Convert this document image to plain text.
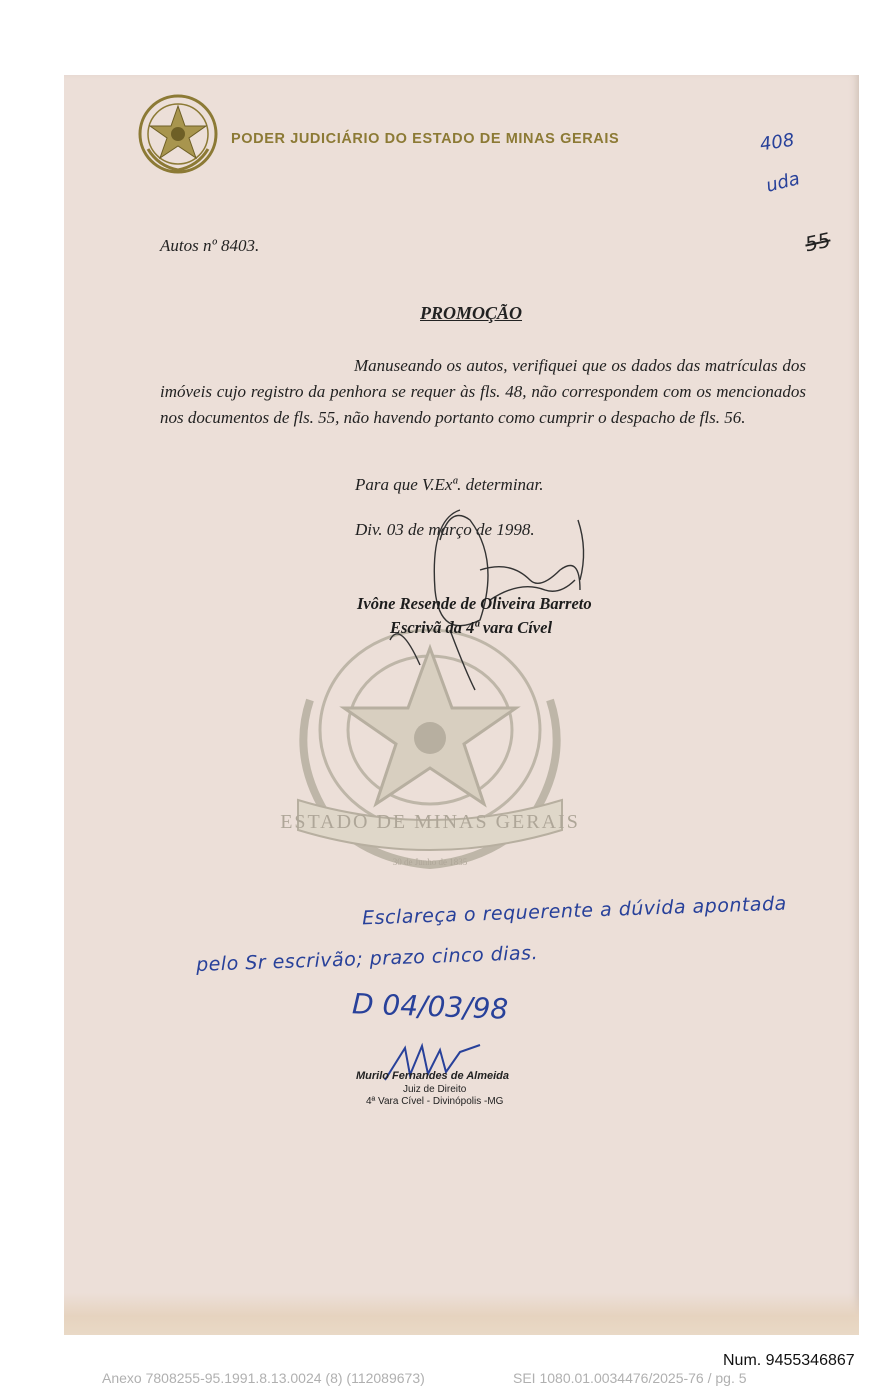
PODER JUDICIÁRIO DO ESTADO DE MINAS GERAIS	408
uda
55
Autos nº 8403.
PROMOÇÃO

Manuseando os autos, verifiquei que os dados das matrículas dos imóveis cujo registro da penhora se requer às fls. 48, não correspondem com os mencionados nos documentos de fls. 55, não havendo portanto como cumprir o despacho de fls. 56.

Para que V.Exª. determinar.
Div. 03 de março de 1998.
ESTADO DE MINAS GERAIS
30 de Junho de 1835
Ivône Resende de Oliveira Barreto
Escrivã da 4ª vara Cível
Esclareça o requerente a dúvida apontada
pelo Sr escrivão; prazo cinco dias.
D 04/03/98
Murilo Fernandes de Almeida
Juiz de Direito
4ª Vara Cível - Divinópolis -MG
Num. 9455346867
Anexo 7808255-95.1991.8.13.0024 (8) (112089673)	SEI 1080.01.0034476/2025-76 / pg. 5
